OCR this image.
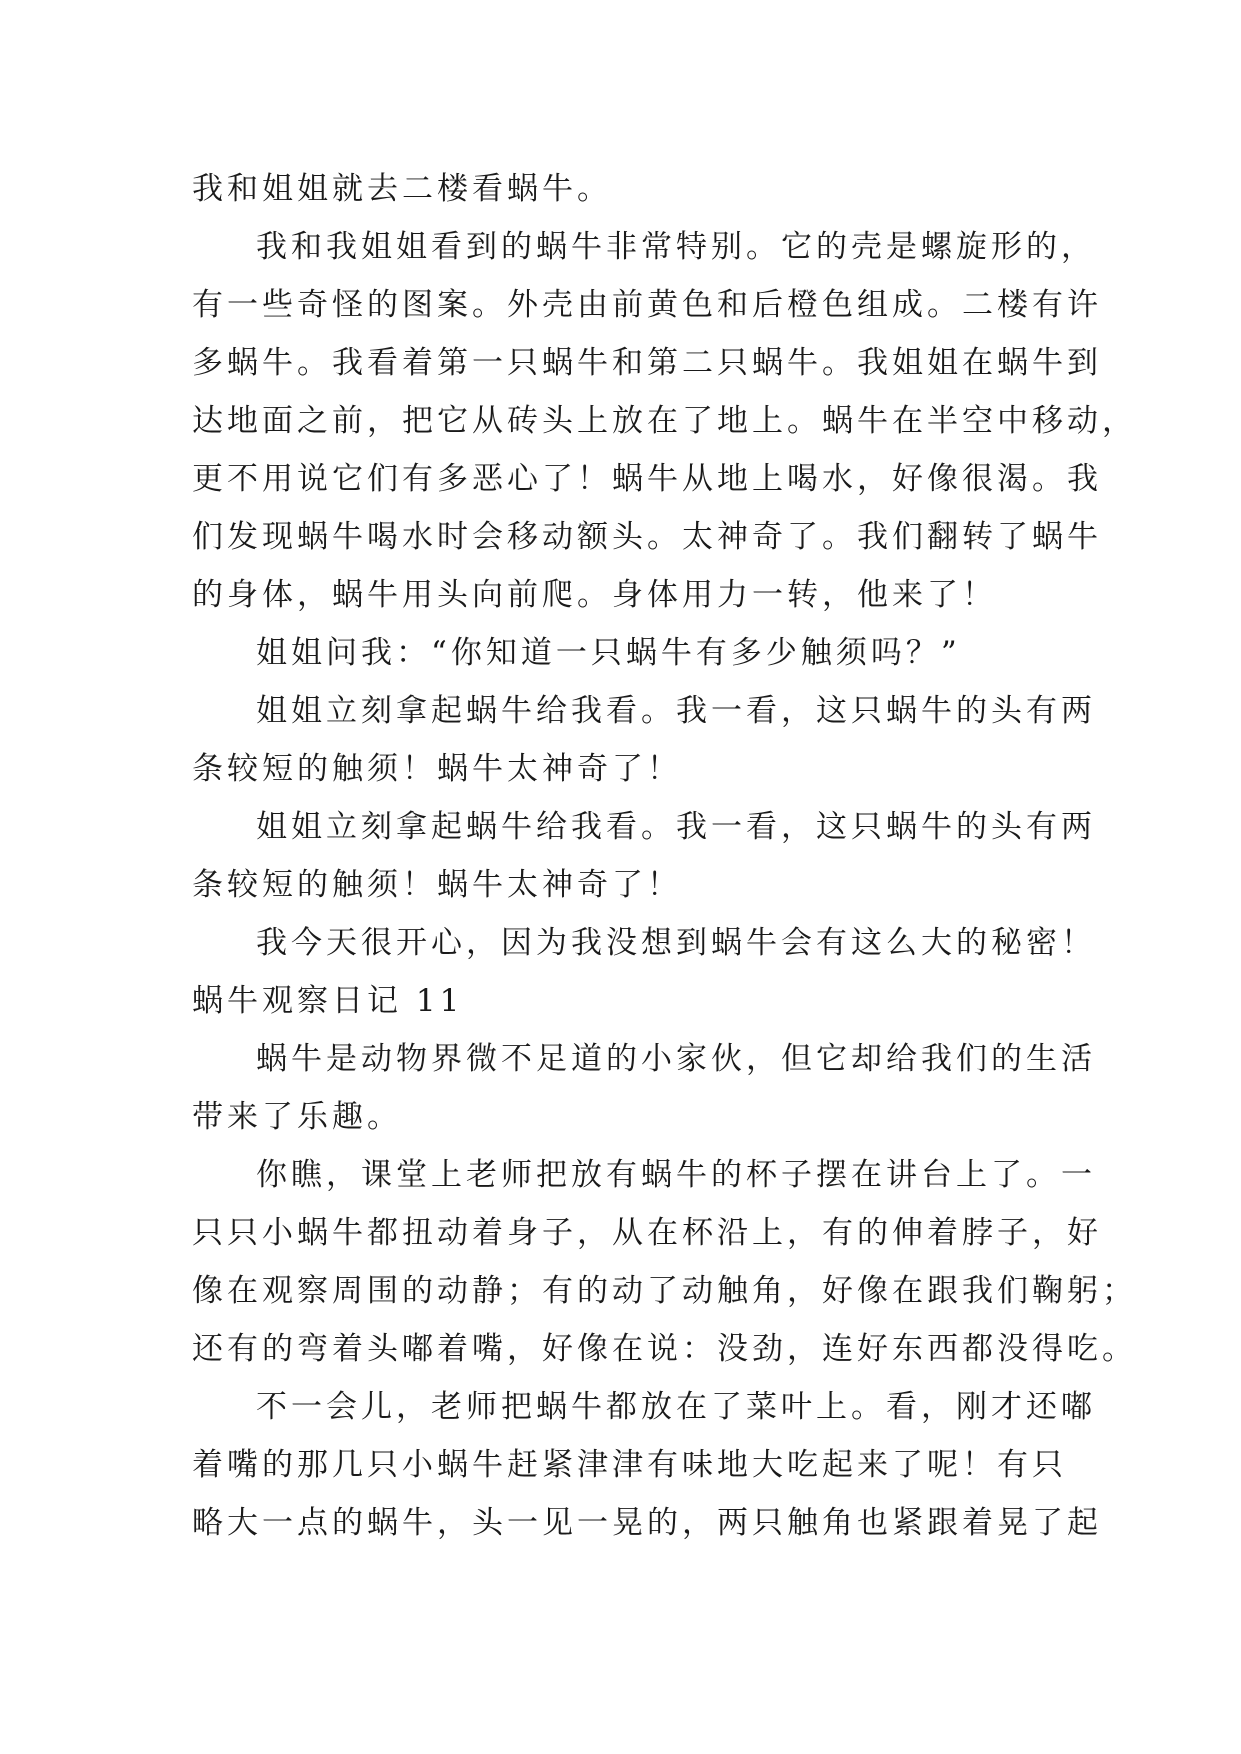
我和姐姐就去二楼看蜗牛。
我和我姐姐看到的蜗牛非常特别。它的壳是螺旋形的，
有一些奇怪的图案。外壳由前黄色和后橙色组成。二楼有许
多蜗牛。我看着第一只蜗牛和第二只蜗牛。我姐姐在蜗牛到
达地面之前，把它从砖头上放在了地上。蜗牛在半空中移动，
更不用说它们有多恶心了！蜗牛从地上喝水，好像很渴。我
们发现蜗牛喝水时会移动额头。太神奇了。我们翻转了蜗牛
的身体，蜗牛用头向前爬。身体用力一转，他来了！
姐姐问我：“你知道一只蜗牛有多少触须吗？”
姐姐立刻拿起蜗牛给我看。我一看，这只蜗牛的头有两
条较短的触须！蜗牛太神奇了！
姐姐立刻拿起蜗牛给我看。我一看，这只蜗牛的头有两
条较短的触须！蜗牛太神奇了！
我今天很开心，因为我没想到蜗牛会有这么大的秘密！
蜗牛观察日记 11
蜗牛是动物界微不足道的小家伙，但它却给我们的生活
带来了乐趣。
你瞧，课堂上老师把放有蜗牛的杯子摆在讲台上了。一
只只小蜗牛都扭动着身子，从在杯沿上，有的伸着脖子，好
像在观察周围的动静；有的动了动触角，好像在跟我们鞠躬；
还有的弯着头嘟着嘴，好像在说：没劲，连好东西都没得吃。
不一会儿，老师把蜗牛都放在了菜叶上。看，刚才还嘟
着嘴的那几只小蜗牛赶紧津津有味地大吃起来了呢！有只
略大一点的蜗牛，头一见一晃的，两只触角也紧跟着晃了起
